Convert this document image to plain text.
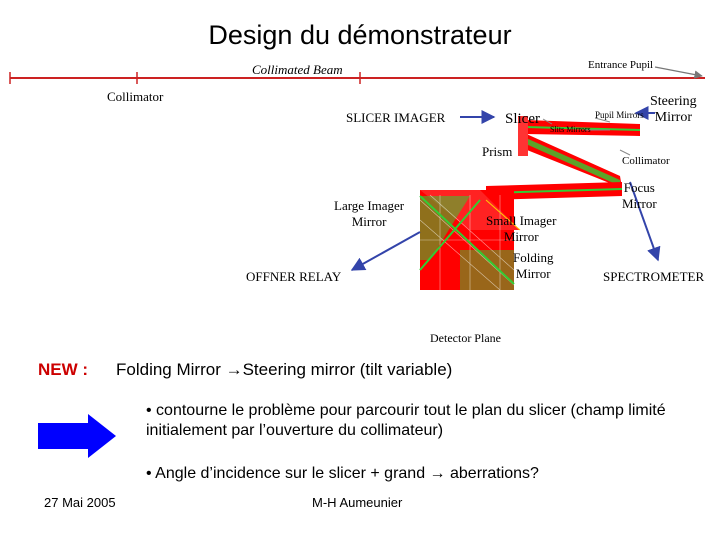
Design du démonstrateur
Collimated Beam	Entrance Pupil
Collimator	Steering
Mirror
SLICER IMAGER	Slicer	Pupil Mirrors
Slits Mirrors
Prism
Collimator
Focus
Mirror
Large Imager
Mirror	Small Imager
Mirror
Folding
Mirror
OFFNER RELAY	SPECTROMETER
Detector Plane
NEW : Folding Mirror →Steering mirror (tilt variable)
• contourne le problème pour parcourir tout le plan du slicer (champ limité initialement par l’ouverture du collimateur)
• Angle d’incidence sur le slicer + grand → aberrations?
27 Mai 2005	M-H Aumeunier
